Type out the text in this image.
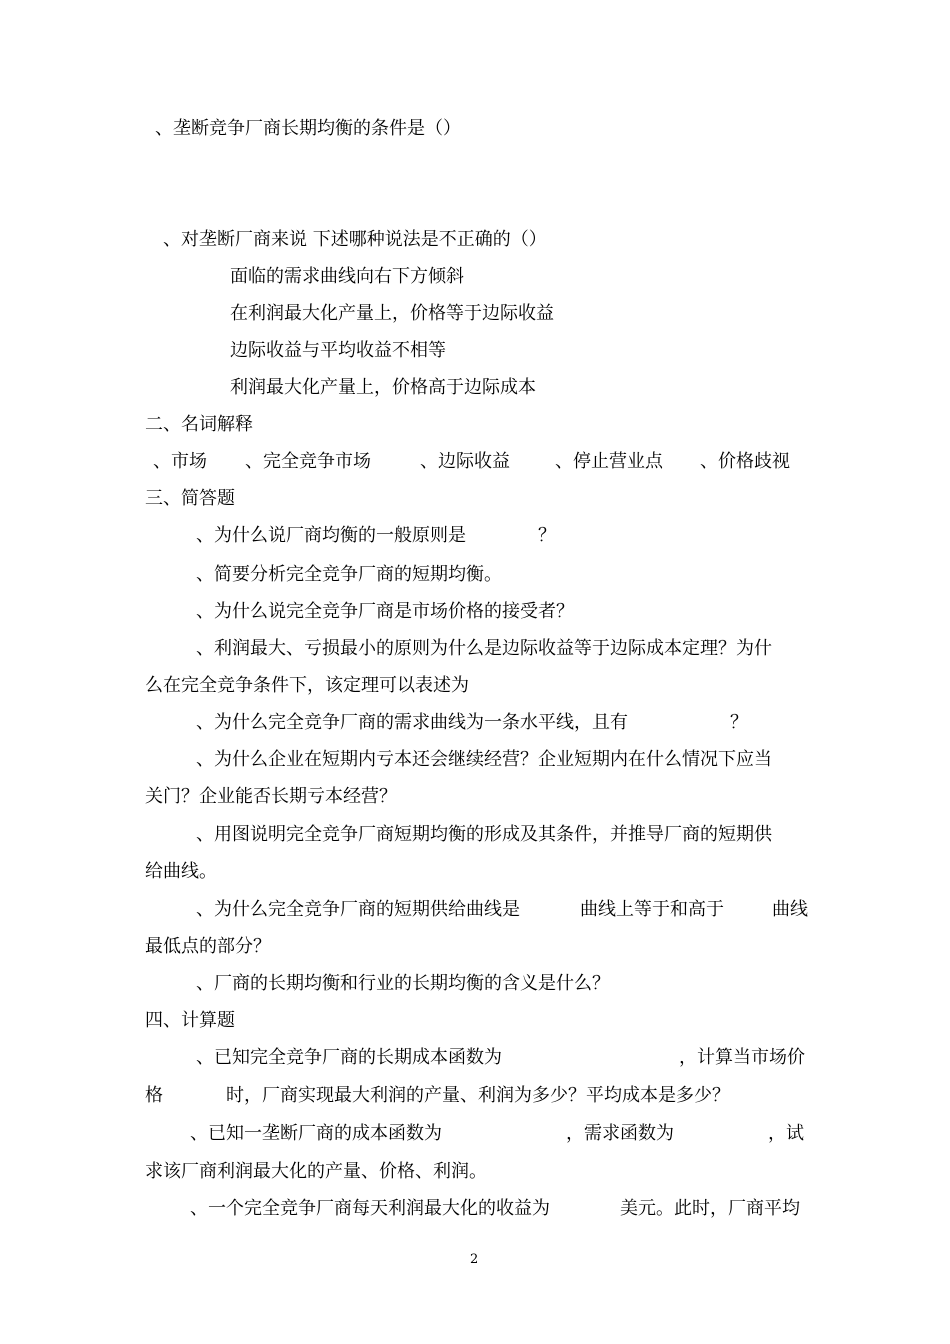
、垄断竞争厂商长期均衡的条件是（）
、对垄断厂商来说 下述哪种说法是不正确的（）
面临的需求曲线向右下方倾斜
在利润最大化产量上，价格等于边际收益
边际收益与平均收益不相等
利润最大化产量上，价格高于边际成本
二、名词解释
、市场 、完全竞争市场	、边际收益	、停止营业点 、价格歧视
三、简答题
、为什么说厂商均衡的一般原则是	？
、简要分析完全竞争厂商的短期均衡。
、为什么说完全竞争厂商是市场价格的接受者？
、利润最大、亏损最小的原则为什么是边际收益等于边际成本定理？为什
么在完全竞争条件下，该定理可以表述为
、为什么完全竞争厂商的需求曲线为一条水平线，且有	？
、为什么企业在短期内亏本还会继续经营？企业短期内在什么情况下应当
关门？企业能否长期亏本经营？
、用图说明完全竞争厂商短期均衡的形成及其条件，并推导厂商的短期供
给曲线。
、为什么完全竞争厂商的短期供给曲线是	曲线上等于和高于	曲线
最低点的部分？
、厂商的长期均衡和行业的长期均衡的含义是什么？
四、计算题
、已知完全竞争厂商的长期成本函数为	，计算当市场价
格	时，厂商实现最大利润的产量、利润为多少？平均成本是多少？
、已知一垄断厂商的成本函数为	，需求函数为	，试
求该厂商利润最大化的产量、价格、利润。
、一个完全竞争厂商每天利润最大化的收益为	美元。此时，厂商平均
2
